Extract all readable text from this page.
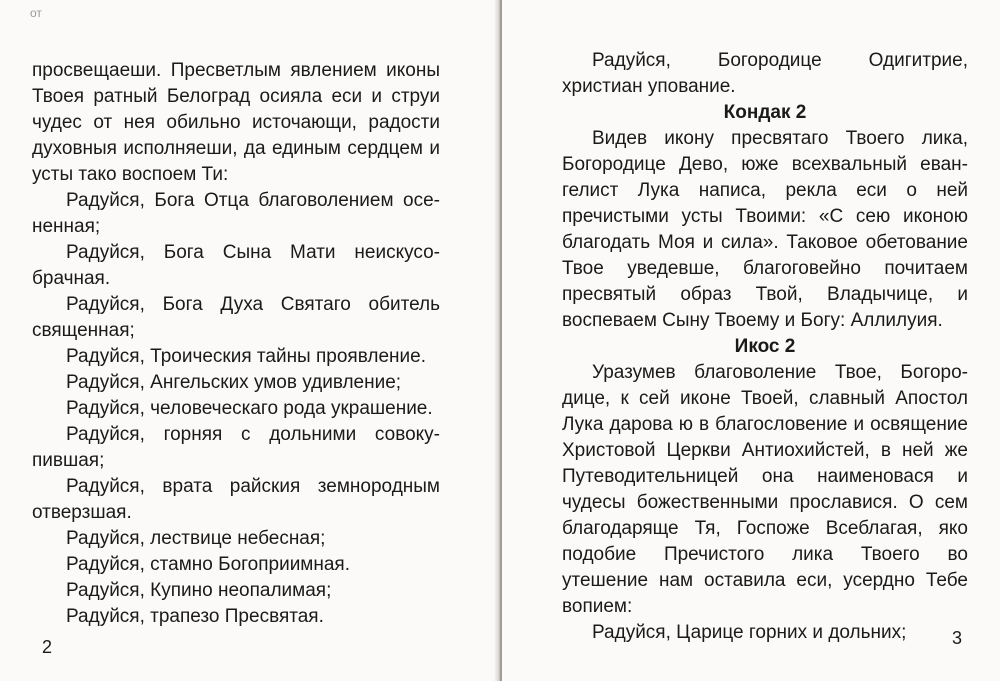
от

просвещаеши. Пресветлым явлением иконы Твоея ратный Белоград осияла еси и струи чудес от нея обильно источающи, радости духовныя исполняеши, да единым сердцем и усты тако воспоем Ти:

Радуйся, Бога Отца благоволением осе-ненная;

Радуйся, Бога Сына Мати неискусо-брачная.

Радуйся, Бога Духа Святаго обитель священная;

Радуйся, Троическия тайны проявление.

Радуйся, Ангельских умов удивление;

Радуйся, человеческаго рода украшение.

Радуйся, горняя с дольними совоку-пившая;

Радуйся, врата райския земнородным отверзшая.

Радуйся, лествице небесная;

Радуйся, стамно Богоприимная.

Радуйся, Купино неопалимая;

Радуйся, трапезо Пресвятая.

2

Радуйся, Богородице Одигитрие, христиан упование.

Кондак 2

Видев икону пресвятаго Твоего лика, Богородице Дево, юже всехвальный еван-гелист Лука написа, рекла еси о ней пречистыми усты Твоими: «С сею иконою благодать Моя и сила». Таковое обетование Твое уведевше, благоговейно почитаем пресвятый образ Твой, Владычице, и воспеваем Сыну Твоему и Богу: Аллилуия.

Икос 2

Уразумев благоволение Твое, Богоро-дице, к сей иконе Твоей, славный Апостол Лука дарова ю в благословение и освящение Христовой Церкви Антиохийстей, в ней же Путеводительницей она наименовася и чудесы божественными прославися. О сем благодаряще Тя, Госпоже Всеблагая, яко подобие Пречистого лика Твоего во утешение нам оставила еси, усердно Тебе вопием:

Радуйся, Царице горних и дольних;	3
